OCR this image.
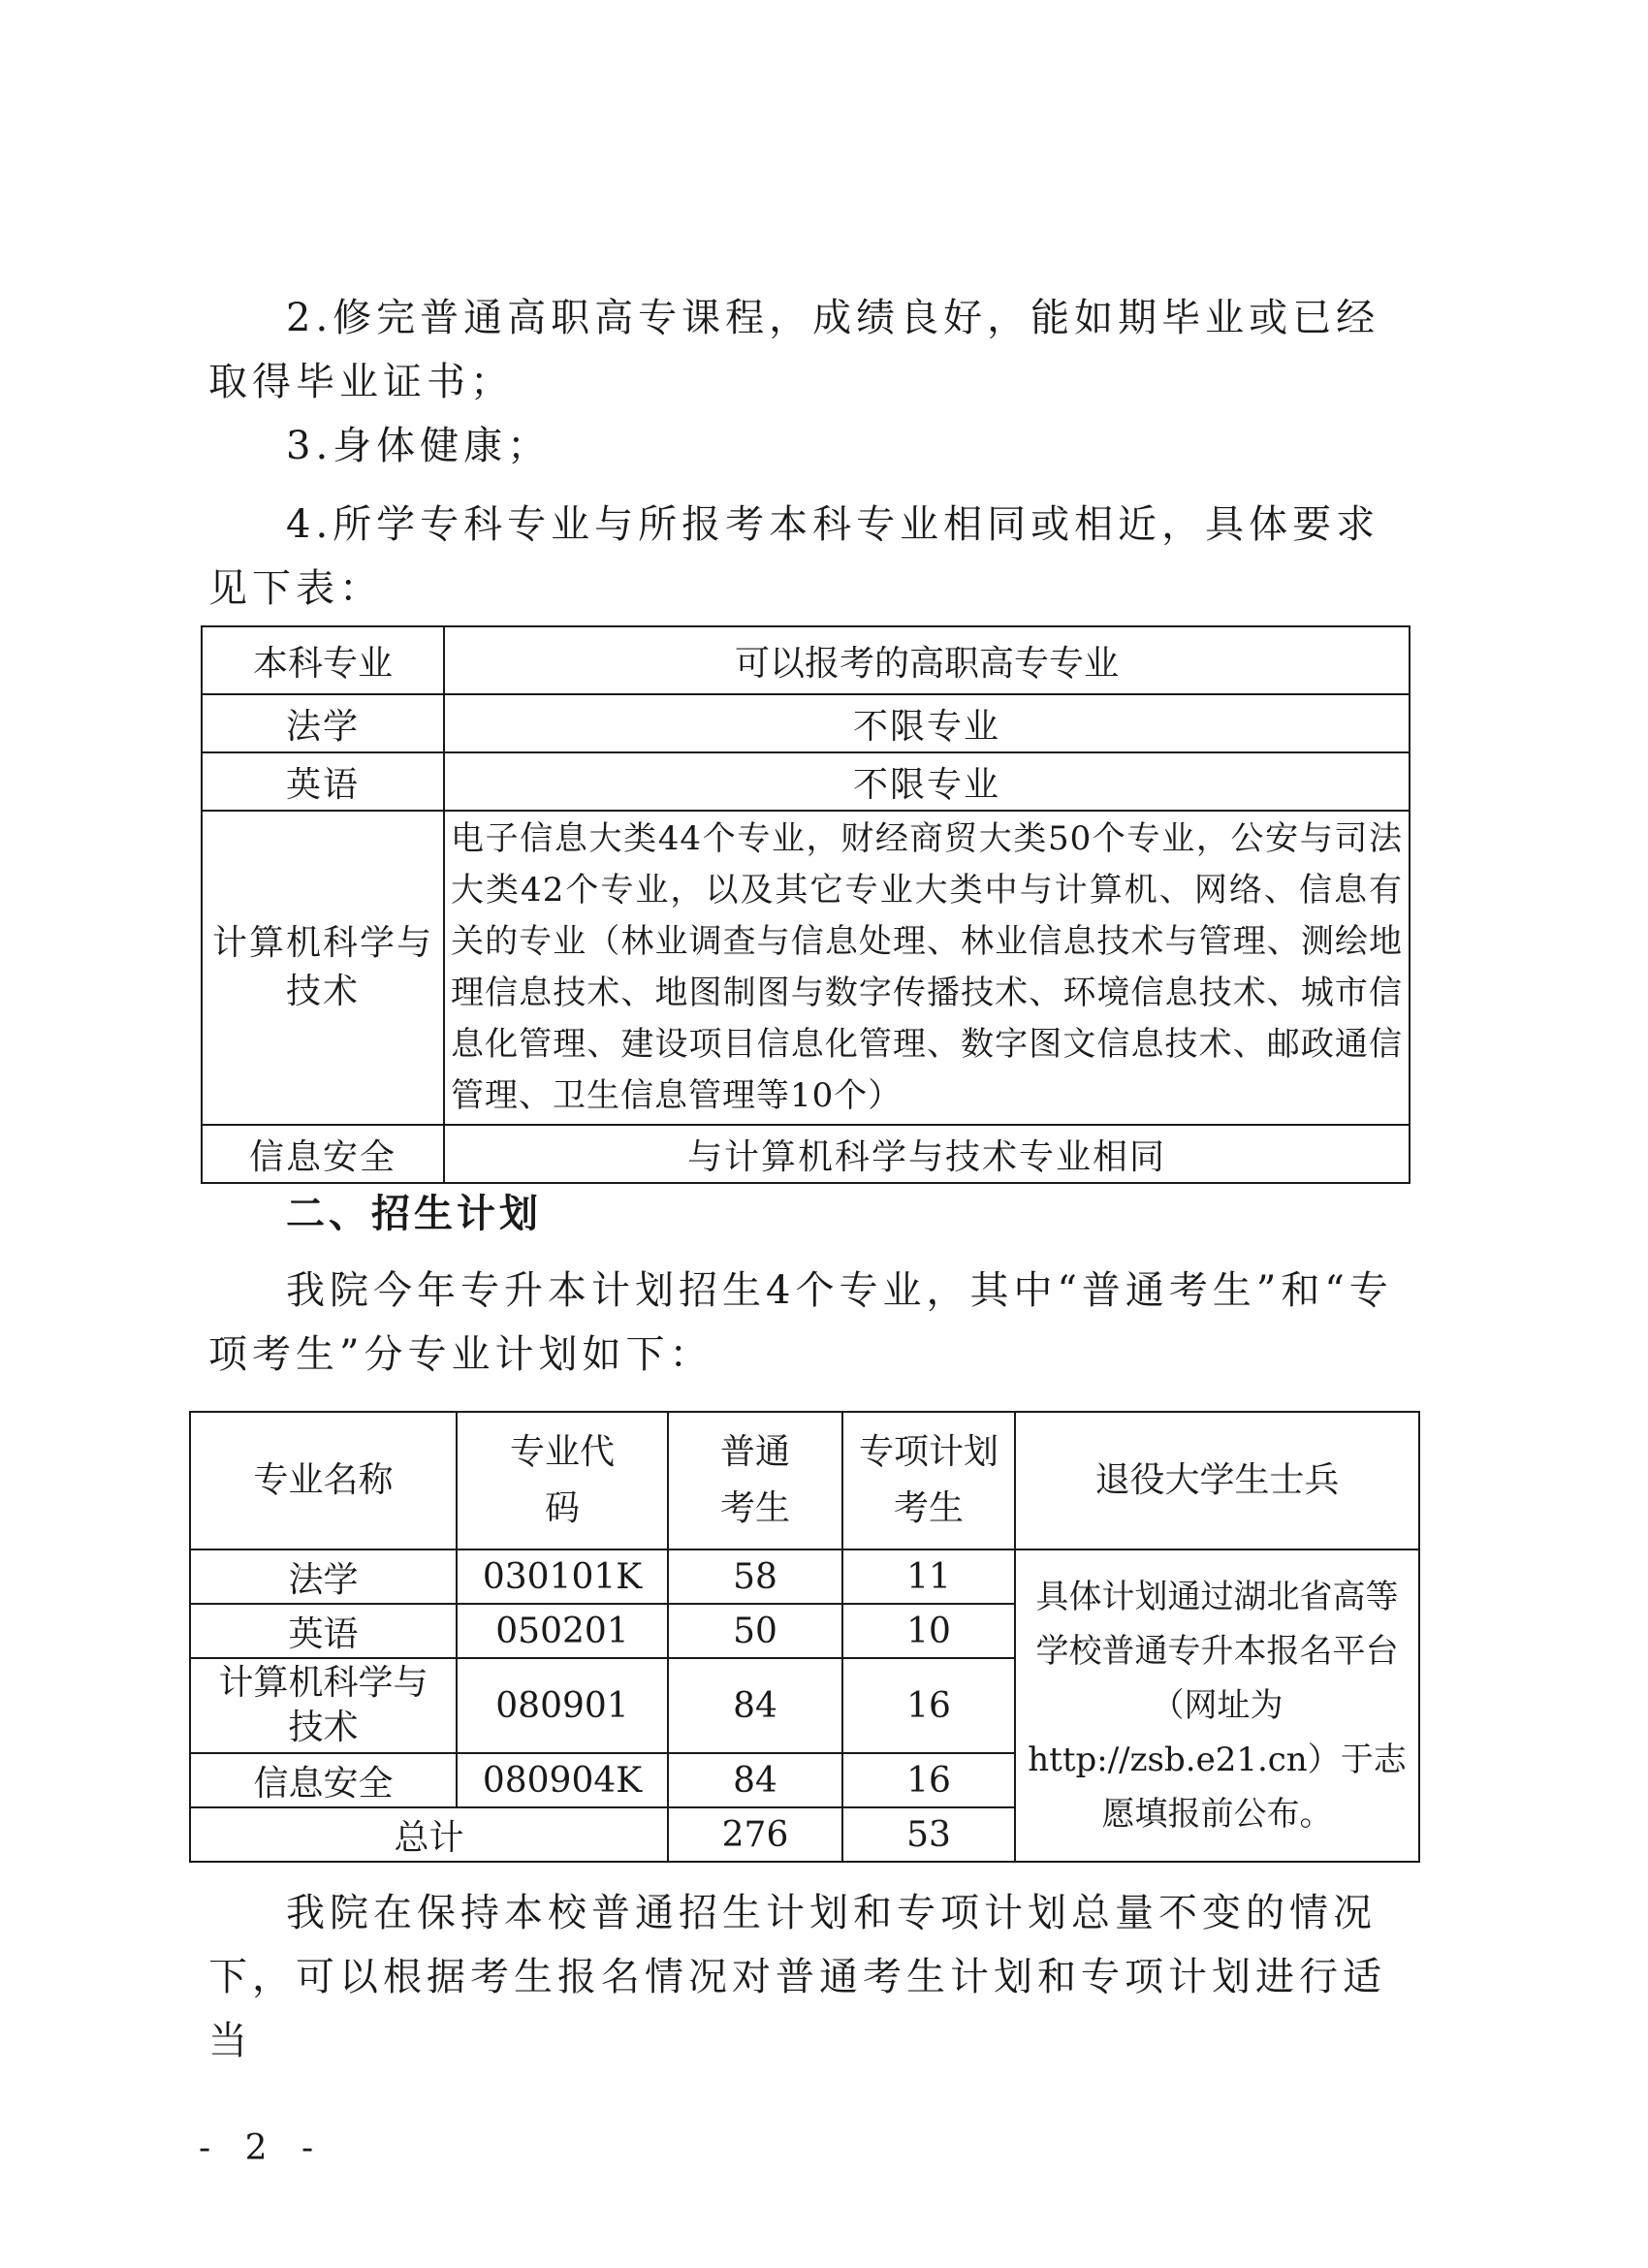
2.修完普通高职高专课程，成绩良好，能如期毕业或已经取得毕业证书；

3.身体健康；

4.所学专科专业与所报考本科专业相同或相近，具体要求见下表：

本科专业	可以报考的高职高专专业
法学	不限专业
英语	不限专业
计算机科学与技术	电子信息大类44个专业，财经商贸大类50个专业，公安与司法大类42个专业，以及其它专业大类中与计算机、网络、信息有关的专业（林业调查与信息处理、林业信息技术与管理、测绘地理信息技术、地图制图与数字传播技术、环境信息技术、城市信息化管理、建设项目信息化管理、数字图文信息技术、邮政通信管理、卫生信息管理等10个）
信息安全	与计算机科学与技术专业相同
二、招生计划

我院今年专升本计划招生4个专业，其中“普通考生”和“专项考生”分专业计划如下：

专业名称	专业代码	普通考生	专项计划考生	退役大学生士兵
法学	030101K	58	11	具体计划通过湖北省高等学校普通专升本报名平台（网址为http://zsb.e21.cn）于志愿填报前公布。
英语	050201	50	10	
计算机科学与技术	080901	84	16	
信息安全	080904K	84	16	
总计		276	53	

我院在保持本校普通招生计划和专项计划总量不变的情况下，可以根据考生报名情况对普通考生计划和专项计划进行适当

- 2 -
